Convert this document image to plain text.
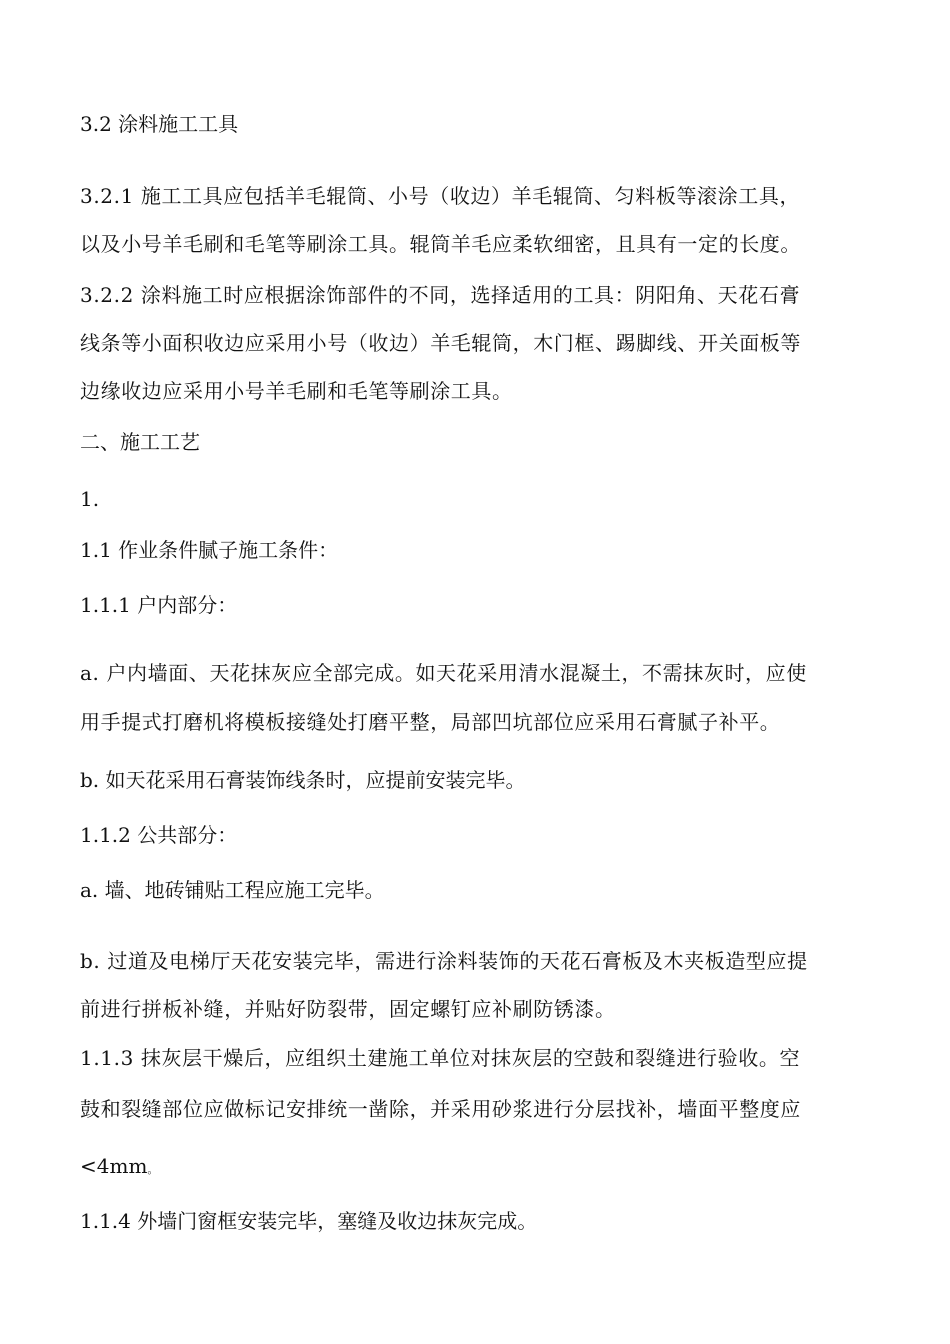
3.2 涂料施工工具
3.2.1 施工工具应包括羊毛辊筒、小号（收边）羊毛辊筒、匀料板等滚涂工具，
以及小号羊毛刷和毛笔等刷涂工具。辊筒羊毛应柔软细密，且具有一定的长度。
3.2.2 涂料施工时应根据涂饰部件的不同，选择适用的工具：阴阳角、天花石膏
线条等小面积收边应采用小号（收边）羊毛辊筒，木门框、踢脚线、开关面板等
边缘收边应采用小号羊毛刷和毛笔等刷涂工具。
二、施工工艺
1.
1.1 作业条件腻子施工条件：
1.1.1 户内部分：
a. 户内墙面、天花抹灰应全部完成。如天花采用清水混凝土，不需抹灰时，应使
用手提式打磨机将模板接缝处打磨平整，局部凹坑部位应采用石膏腻子补平。
b. 如天花采用石膏装饰线条时，应提前安装完毕。
1.1.2 公共部分：
a. 墙、地砖铺贴工程应施工完毕。
b. 过道及电梯厅天花安装完毕，需进行涂料装饰的天花石膏板及木夹板造型应提
前进行拼板补缝，并贴好防裂带，固定螺钉应补刷防锈漆。
1.1.3 抹灰层干燥后，应组织土建施工单位对抹灰层的空鼓和裂缝进行验收。空
鼓和裂缝部位应做标记安排统一凿除，并采用砂浆进行分层找补，墙面平整度应
<4mm。
1.1.4 外墙门窗框安装完毕，塞缝及收边抹灰完成。
